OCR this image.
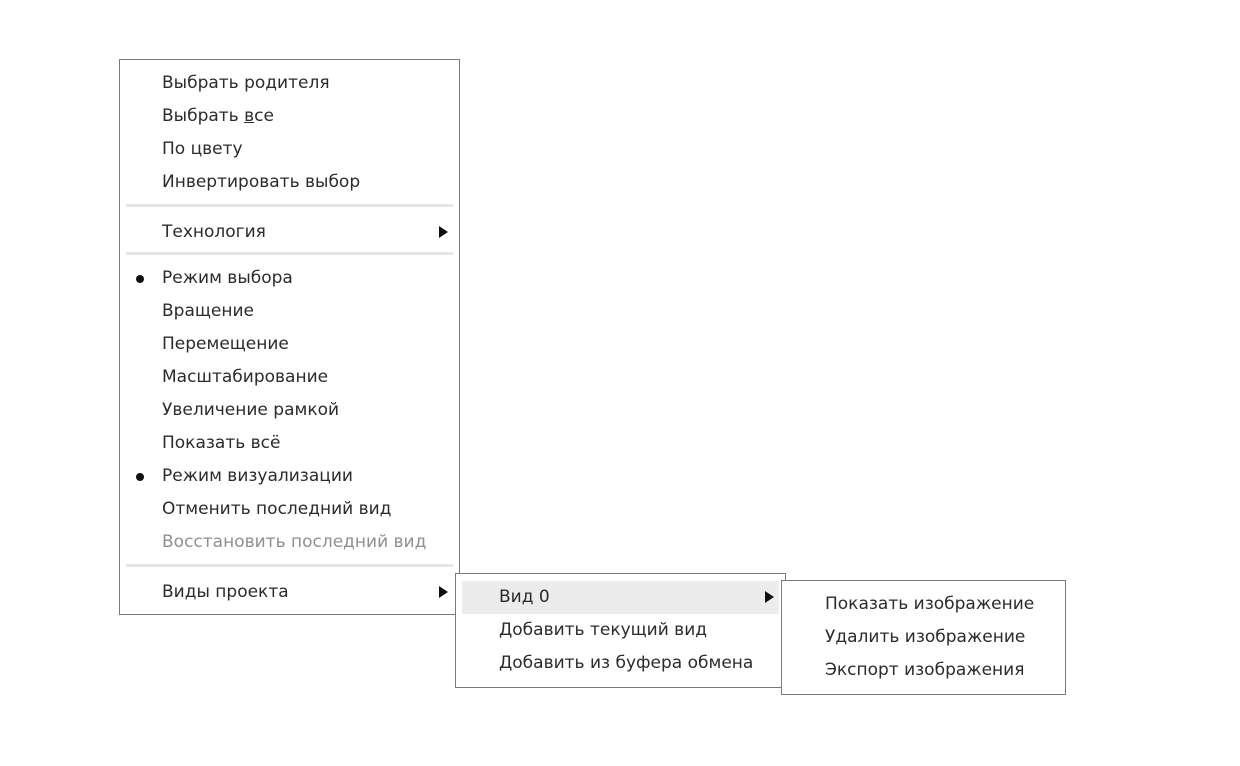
Выбрать родителя
Выбрать все
По цвету
Инвертировать выбор
Технология
Режим выбора
Вращение
Перемещение
Масштабирование
Увеличение рамкой
Показать всё
Режим визуализации
Отменить последний вид
Восстановить последний вид
Виды проекта	Вид 0
Добавить текущий вид
Добавить из буфера обмена
Показать изображение
Удалить изображение
Экспорт изображения
